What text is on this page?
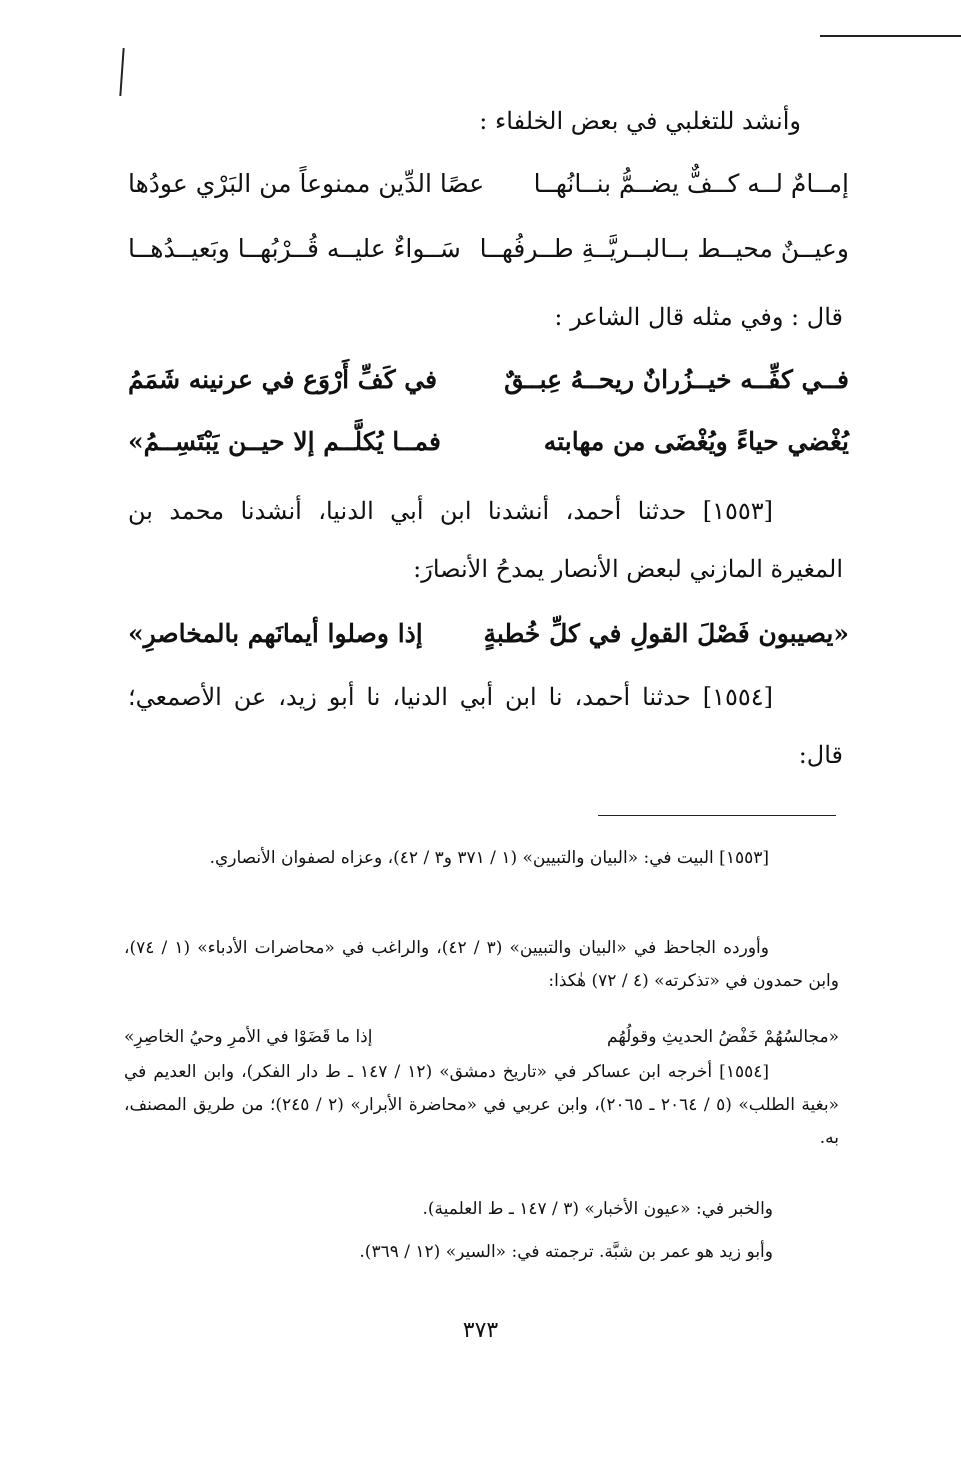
وأنشد للتغلبي في بعض الخلفاء :
إمــامٌ لــه كــفٌّ يضــمُّ بنــانُهــا
عصًا الدِّين ممنوعاً من البَرْي عودُها
وعيــنٌ محيــط بــالبــريَّــةِ طــرفُهــا
سَــواءٌ عليــه قُــرْبُهــا وبَعيــدُهــا
قال : وفي مثله قال الشاعر :
فــي كفِّــه خيــزُرانٌ ريحــهُ عِبــقٌ
في كَفِّ أَرْوَع في عرنينه شَمَمُ
يُغْضي حياءً ويُغْضَى من مهابته
فمــا يُكلَّــم إلا حيــن يَبْتَسِــمُ»
[١٥٥٣] حدثنا أحمد، أنشدنا ابن أبي الدنيا، أنشدنا محمد بن المغيرة المازني لبعض الأنصار يمدحُ الأنصارَ:
«يصيبون فَصْلَ القولِ في كلِّ خُطبةٍ
إذا وصلوا أيمانَهم بالمخاصرِ»
[١٥٥٤] حدثنا أحمد، نا ابن أبي الدنيا، نا أبو زيد، عن الأصمعي؛ قال:
[١٥٥٣] البيت في: «البيان والتبيين» (١ / ٣٧١ و٣ / ٤٢)، وعزاه لصفوان الأنصاري.
وأورده الجاحظ في «البيان والتبيين» (٣ / ٤٢)، والراغب في «محاضرات الأدباء» (١ / ٧٤)، وابن حمدون في «تذكرته» (٤ / ٧٢) هٰكذا:
«مجالسُهُمْ خَفْضُ الحديثِ وقولُهُم
إذا ما قَضَوْا في الأمرِ وحيُ الخاصِرِ»
[١٥٥٤] أخرجه ابن عساكر في «تاريخ دمشق» (١٢ / ١٤٧ ـ ط دار الفكر)، وابن العديم في «بغية الطلب» (٥ / ٢٠٦٤ ـ ٢٠٦٥)، وابن عربي في «محاضرة الأبرار» (٢ / ٢٤٥)؛ من طريق المصنف، به.
والخبر في: «عيون الأخبار» (٣ / ١٤٧ ـ ط العلمية).
وأبو زيد هو عمر بن شبَّة. ترجمته في: «السير» (١٢ / ٣٦٩).
٣٧٣
